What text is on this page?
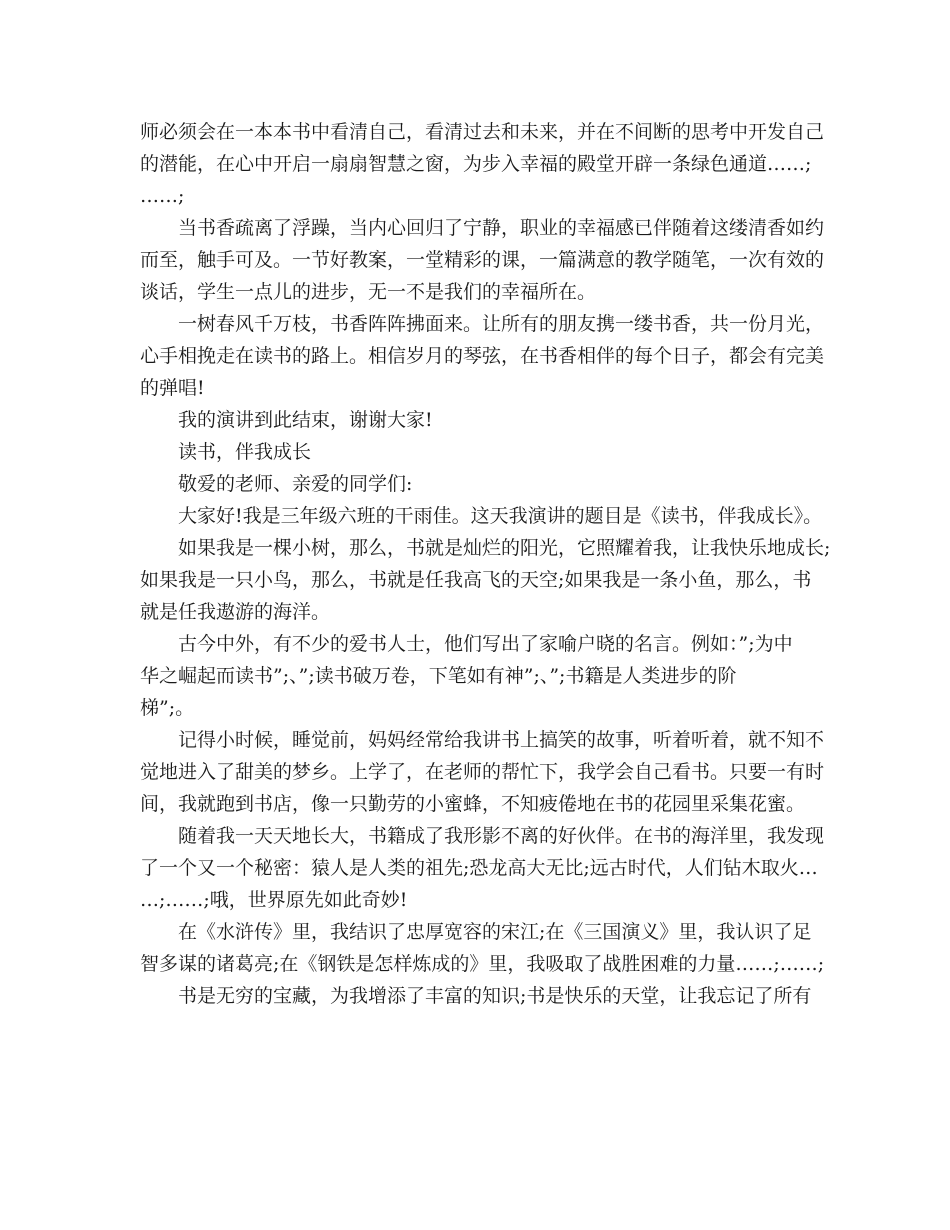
师必须会在一本本书中看清自己，看清过去和未来，并在不间断的思考中开发自己
的潜能，在心中开启一扇扇智慧之窗，为步入幸福的殿堂开辟一条绿色通道……;
……;
当书香疏离了浮躁，当内心回归了宁静，职业的幸福感已伴随着这缕清香如约
而至，触手可及。一节好教案，一堂精彩的课，一篇满意的教学随笔，一次有效的
谈话，学生一点儿的进步，无一不是我们的幸福所在。
一树春风千万枝，书香阵阵拂面来。让所有的朋友携一缕书香，共一份月光，
心手相挽走在读书的路上。相信岁月的琴弦，在书香相伴的每个日子，都会有完美
的弹唱!
我的演讲到此结束，谢谢大家!
读书，伴我成长
敬爱的老师、亲爱的同学们:
大家好!我是三年级六班的干雨佳。这天我演讲的题目是《读书，伴我成长》。
如果我是一棵小树，那么，书就是灿烂的阳光，它照耀着我，让我快乐地成长;
如果我是一只小鸟，那么，书就是任我高飞的天空;如果我是一条小鱼，那么，书
就是任我遨游的海洋。
古今中外，有不少的爱书人士，他们写出了家喻户晓的名言。例如：”;为中
华之崛起而读书”;、”;读书破万卷，下笔如有神”;、”;书籍是人类进步的阶
梯”;。
记得小时候，睡觉前，妈妈经常给我讲书上搞笑的故事，听着听着，就不知不
觉地进入了甜美的梦乡。上学了，在老师的帮忙下，我学会自己看书。只要一有时
间，我就跑到书店，像一只勤劳的小蜜蜂，不知疲倦地在书的花园里采集花蜜。
随着我一天天地长大，书籍成了我形影不离的好伙伴。在书的海洋里，我发现
了一个又一个秘密：猿人是人类的祖先;恐龙高大无比;远古时代，人们钻木取火…
…;……;哦，世界原先如此奇妙!
在《水浒传》里，我结识了忠厚宽容的宋江;在《三国演义》里，我认识了足
智多谋的诸葛亮;在《钢铁是怎样炼成的》里，我吸取了战胜困难的力量……;……;
书是无穷的宝藏，为我增添了丰富的知识;书是快乐的天堂，让我忘记了所有
